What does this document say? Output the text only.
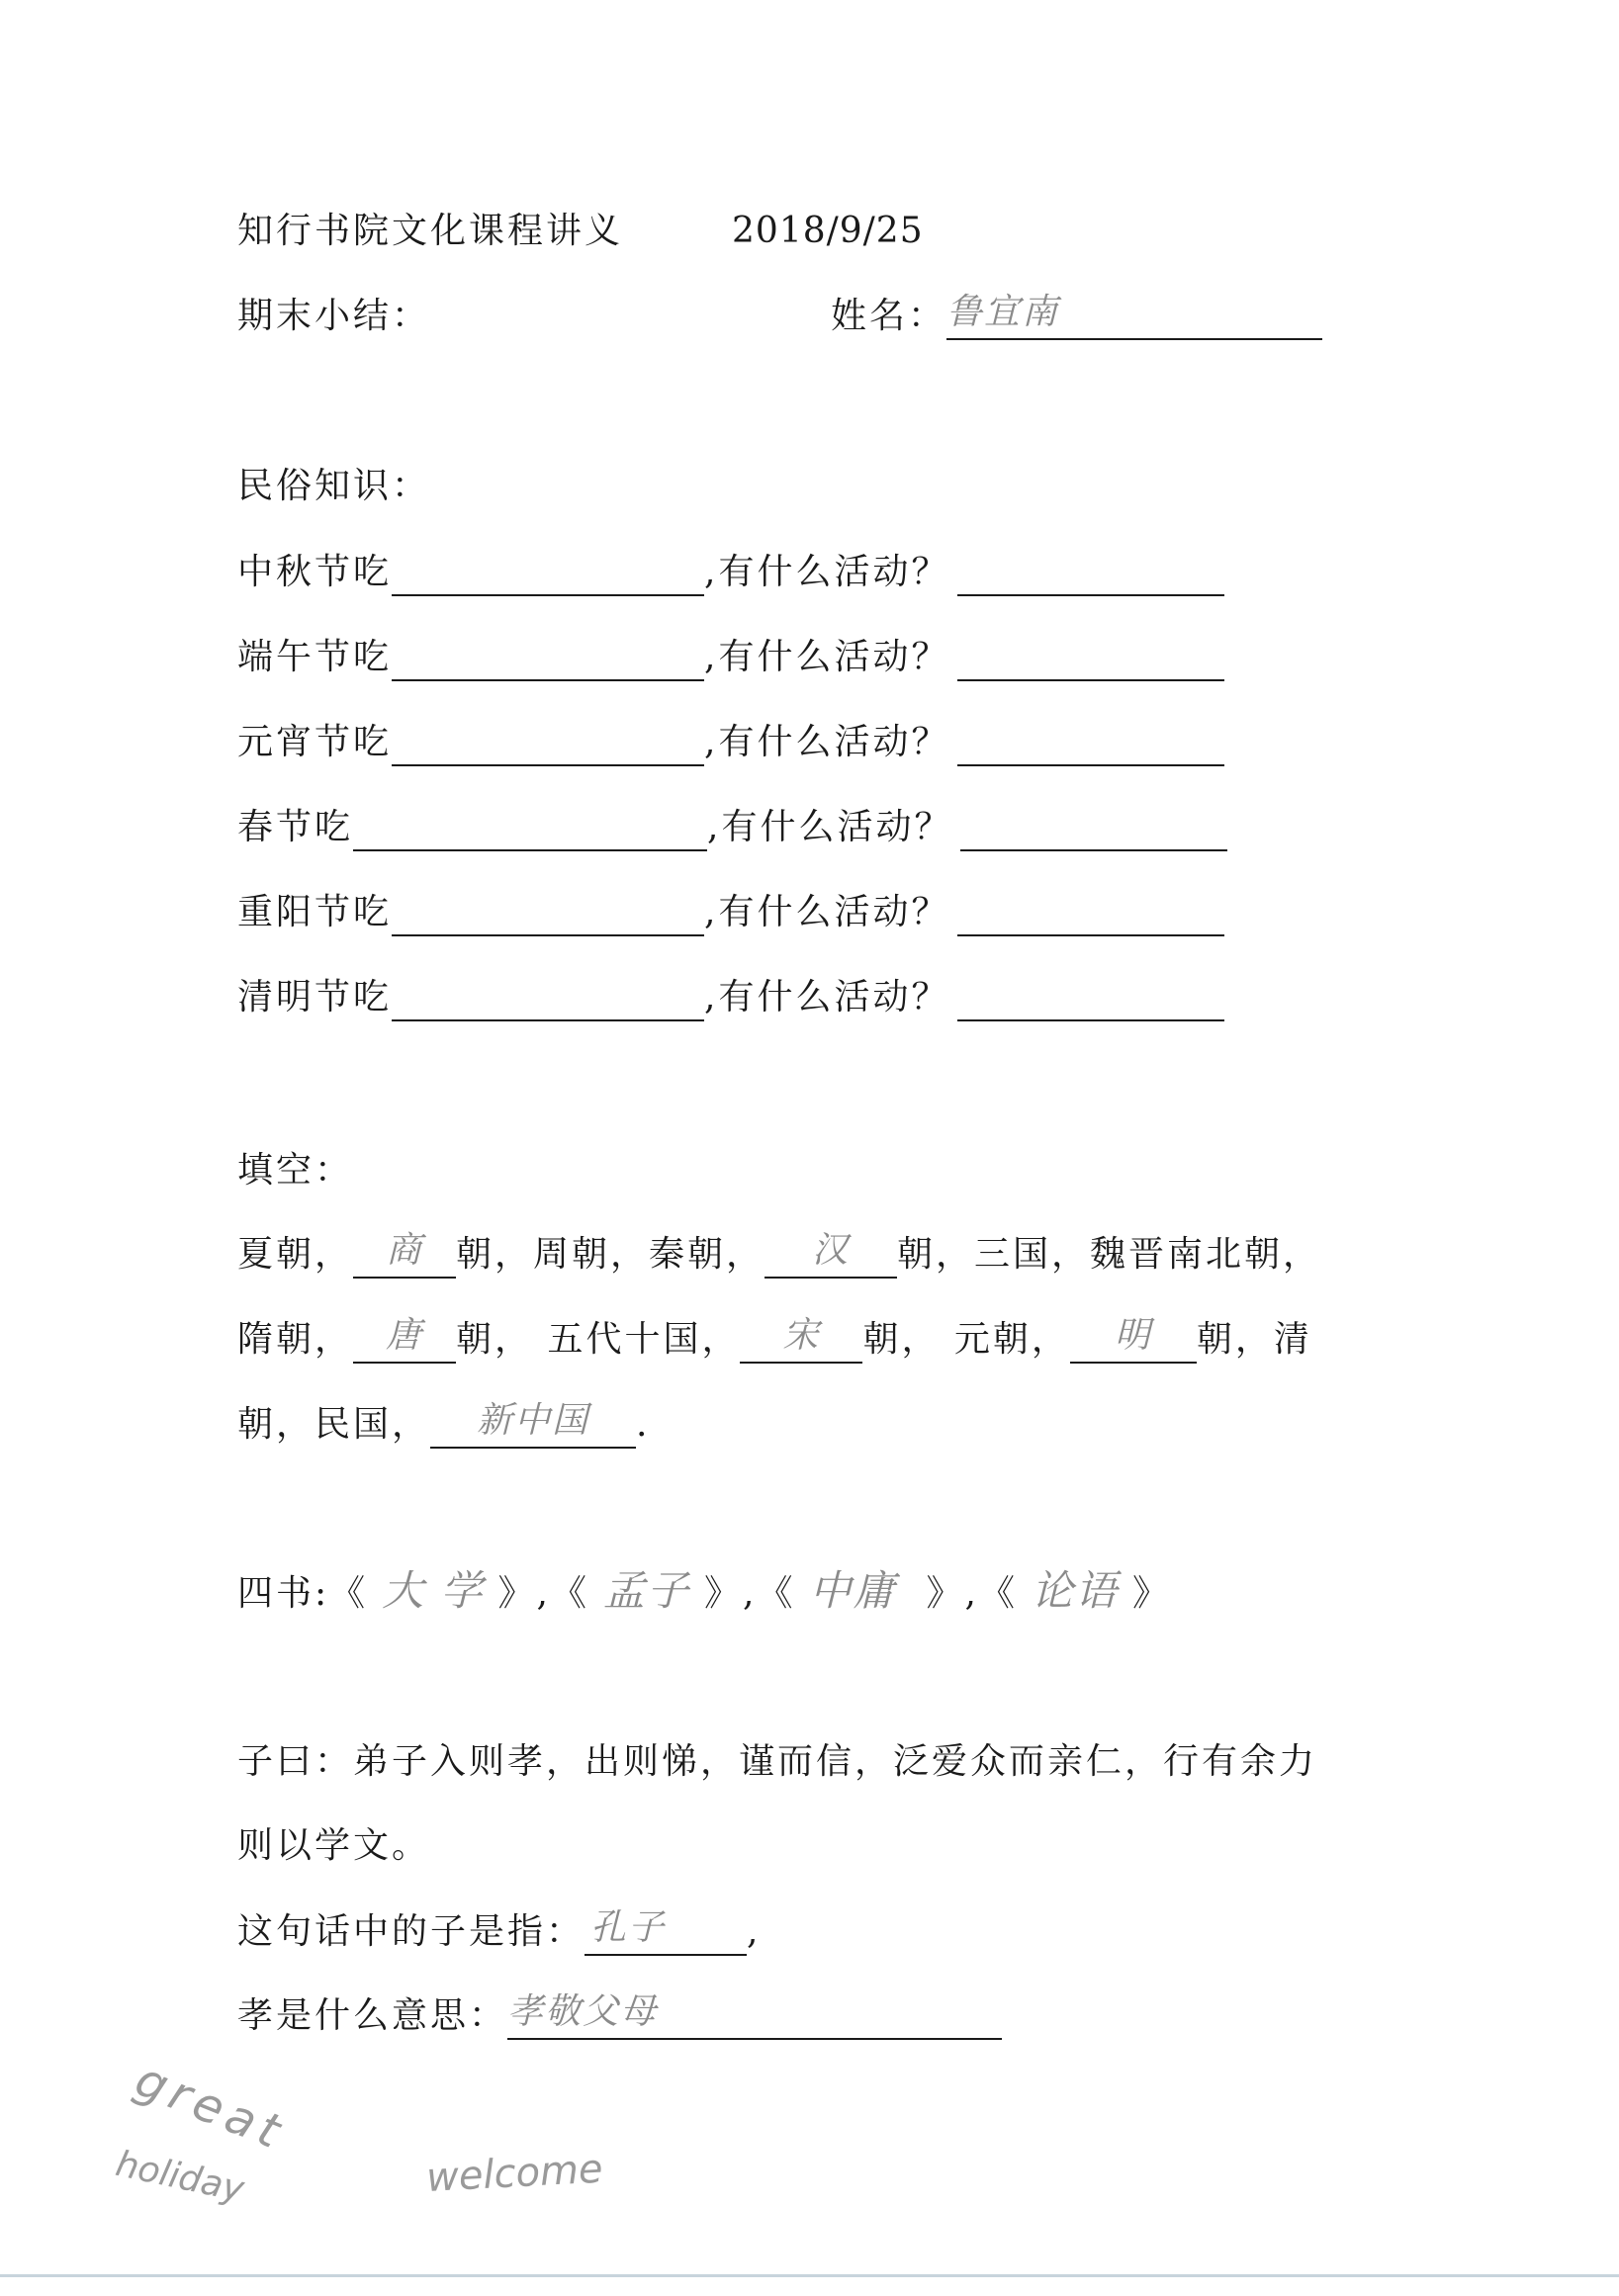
知行书院文化课程讲义	2018/9/25
期末小结：	姓名： 鲁宜南
民俗知识：
中秋节吃	,有什么活动？
端午节吃	,有什么活动？
元宵节吃	,有什么活动？
春节吃	,有什么活动？
重阳节吃	,有什么活动？
清明节吃	,有什么活动？
填空：
夏朝， 商 朝，周朝，秦朝，	汉	朝，三国，魏晋南北朝，
隋朝， 唐 朝， 五代十国，	宋	朝， 元朝，	明	朝，清
朝，民国，	新中国	.
四书:《 大 学 》,《 孟子 》,《 中庸 》,《 论语 》
子曰：弟子入则孝，出则悌，谨而信，泛爱众而亲仁，行有余力
则以学文。
这句话中的子是指： 孔子	,
孝是什么意思： 孝敬父母
great
holiday	welcome
